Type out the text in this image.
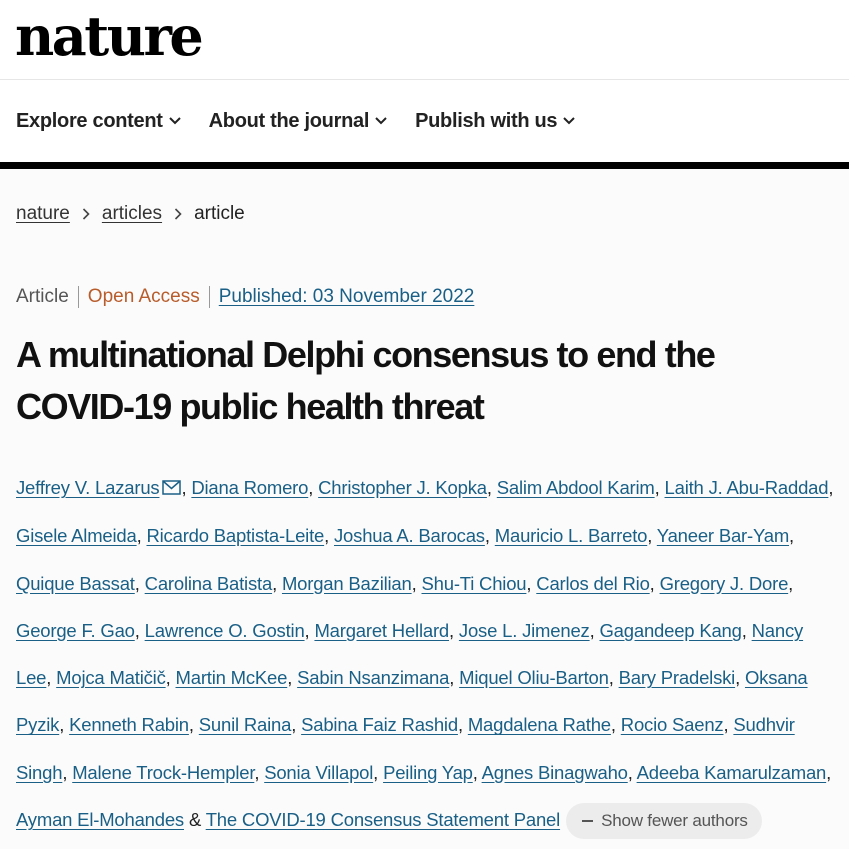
nature
Explore content About the journal Publish with us
nature articles article
Article	Open Access	Published: 03 November 2022
A multinational Delphi consensus to end the COVID-19 public health threat
Jeffrey V. Lazarus , Diana Romero, Christopher J. Kopka, Salim Abdool Karim, Laith J. Abu-Raddad, Gisele Almeida, Ricardo Baptista-Leite, Joshua A. Barocas, Mauricio L. Barreto, Yaneer Bar-Yam, Quique Bassat, Carolina Batista, Morgan Bazilian, Shu-Ti Chiou, Carlos del Rio, Gregory J. Dore, George F. Gao, Lawrence O. Gostin, Margaret Hellard, Jose L. Jimenez, Gagandeep Kang, Nancy Lee, Mojca Matičič, Martin McKee, Sabin Nsanzimana, Miquel Oliu-Barton, Bary Pradelski, Oksana Pyzik, Kenneth Rabin, Sunil Raina, Sabina Faiz Rashid, Magdalena Rathe, Rocio Saenz, Sudhvir Singh, Malene Trock-Hempler, Sonia Villapol, Peiling Yap, Agnes Binagwaho, Adeeba Kamarulzaman, Ayman El-Mohandes & The COVID-19 Consensus Statement Panel Show fewer authors
